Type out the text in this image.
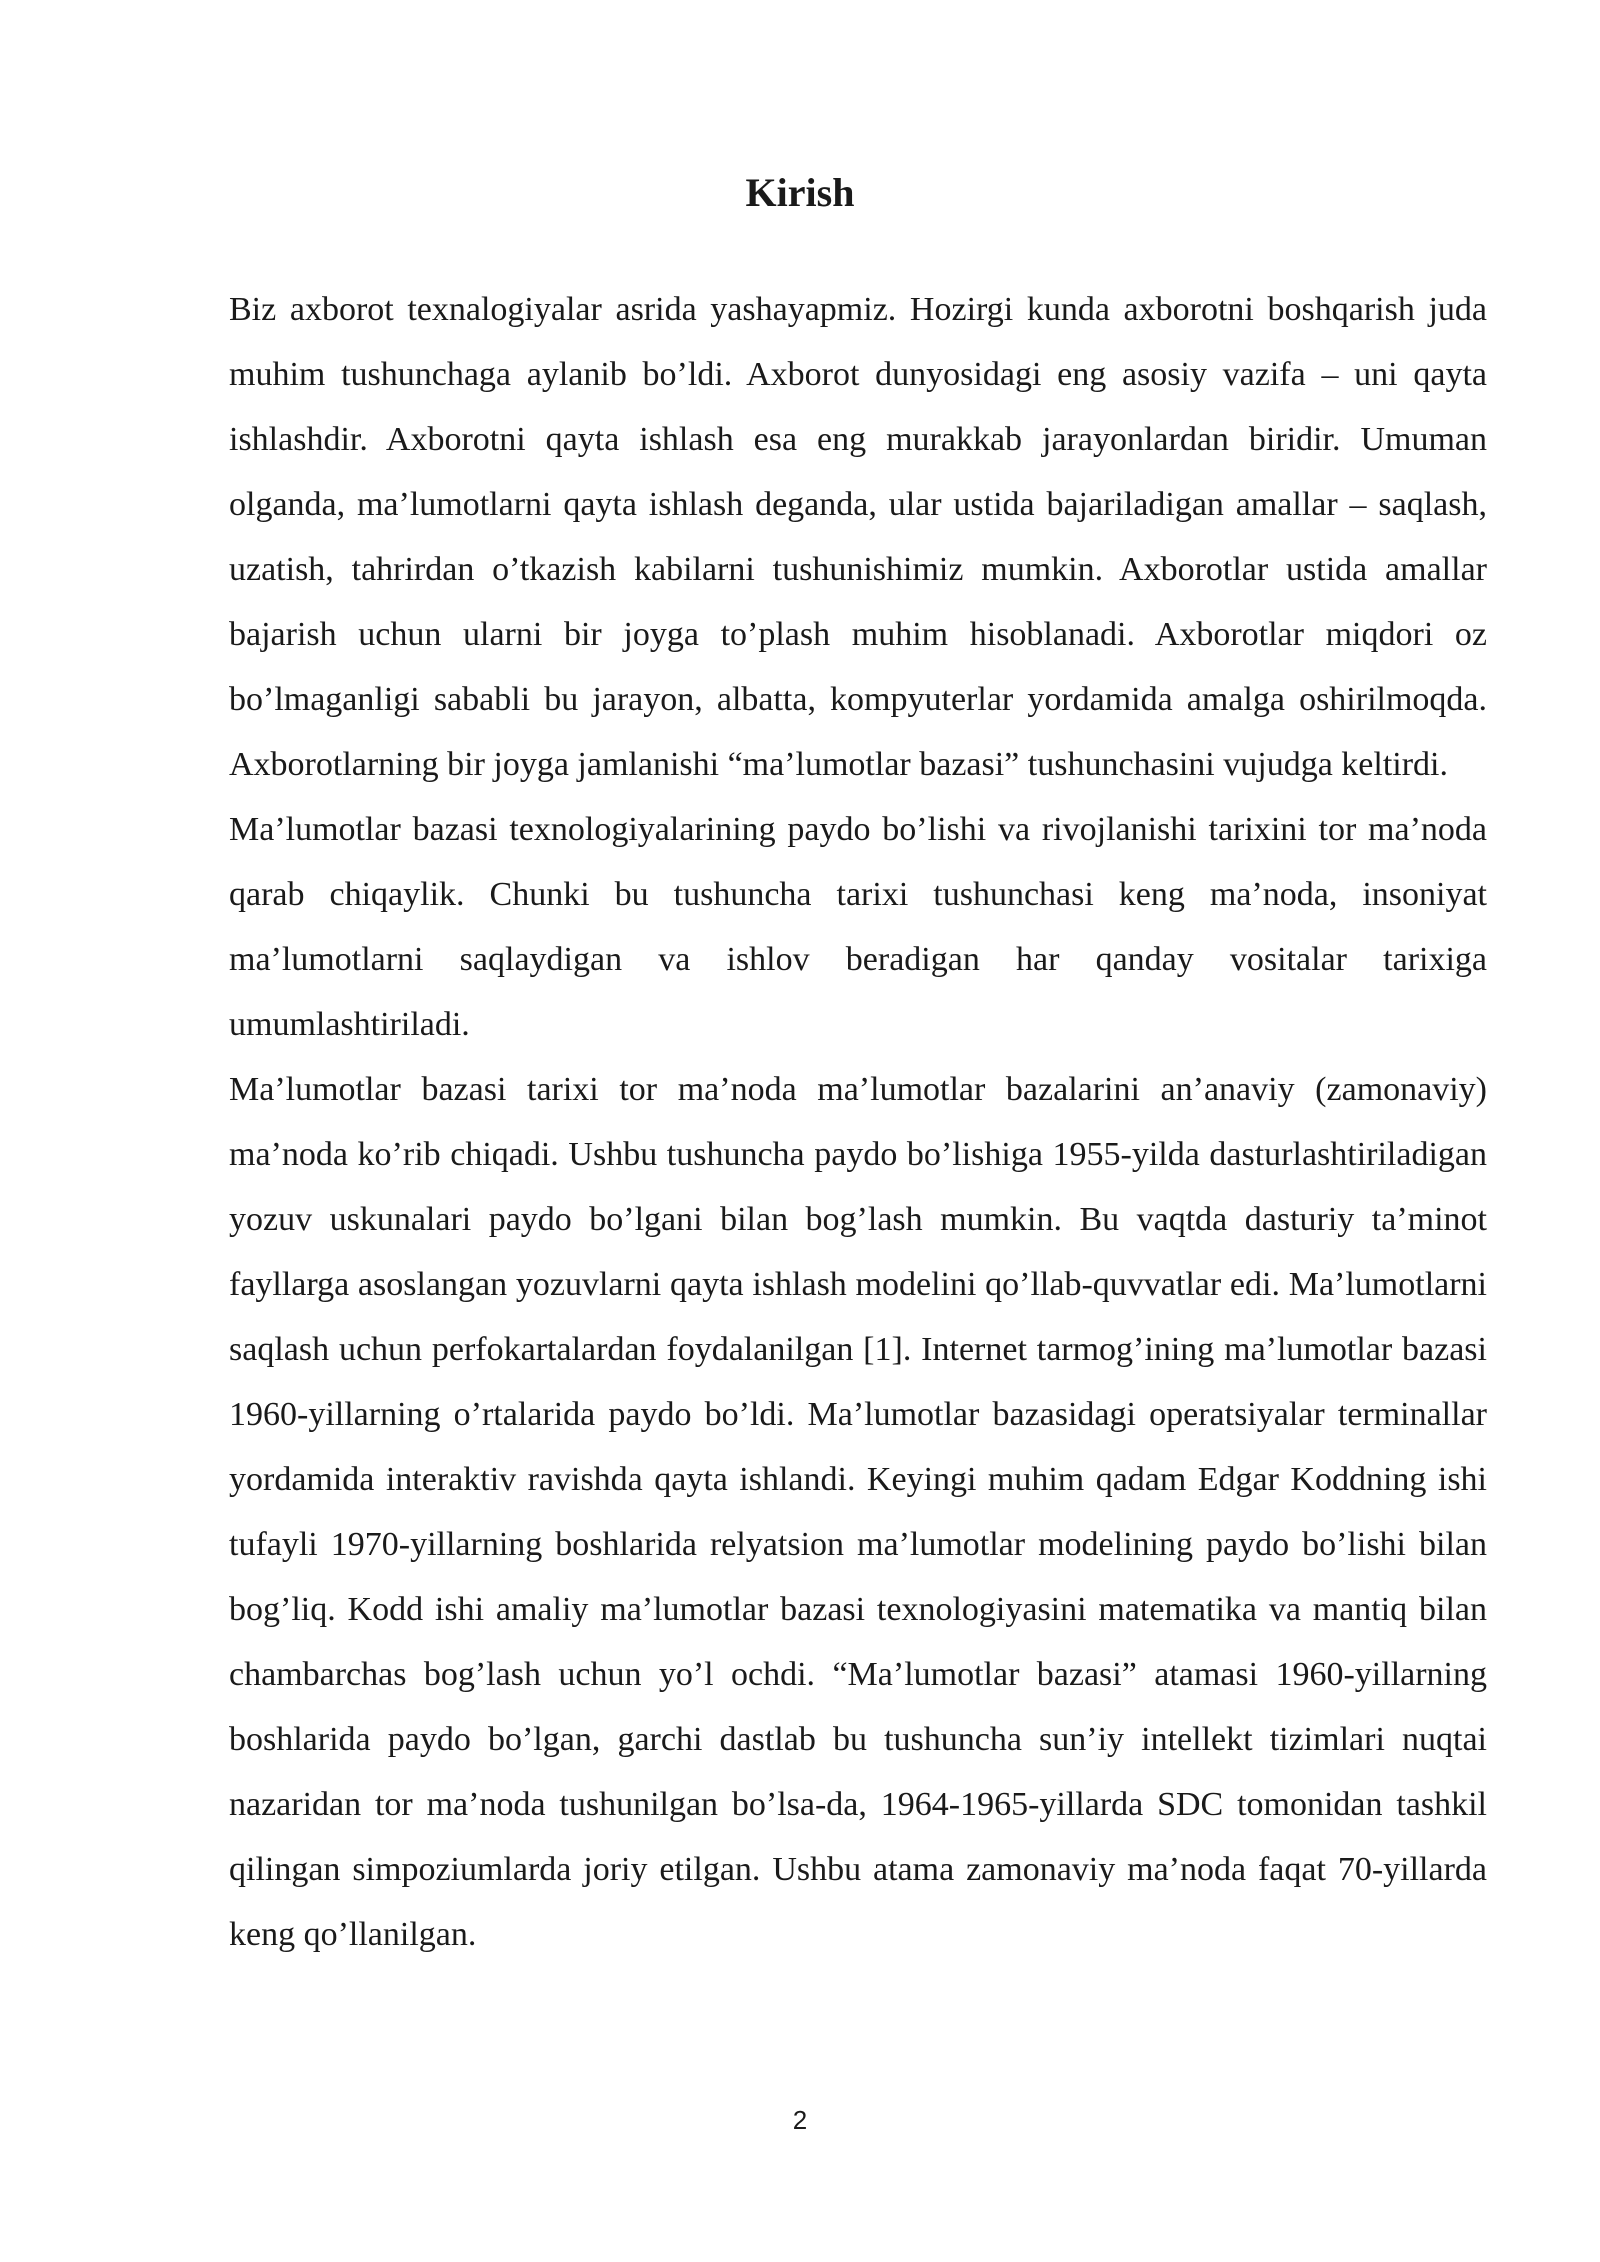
Kirish

Biz axborot texnalogiyalar asrida yashayapmiz. Hozirgi kunda axborotni boshqarish juda muhim tushunchaga aylanib bo’ldi. Axborot dunyosidagi eng asosiy vazifa – uni qayta ishlashdir. Axborotni qayta ishlash esa eng murakkab jarayonlardan biridir. Umuman olganda, ma’lumotlarni qayta ishlash deganda, ular ustida bajariladigan amallar – saqlash, uzatish, tahrirdan o’tkazish kabilarni tushunishimiz mumkin. Axborotlar ustida amallar bajarish uchun ularni bir joyga to’plash muhim hisoblanadi. Axborotlar miqdori oz bo’lmaganligi sababli bu jarayon, albatta, kompyuterlar yordamida amalga oshirilmoqda. Axborotlarning bir joyga jamlanishi “ma’lumotlar bazasi” tushunchasini vujudga keltirdi.

Ma’lumotlar bazasi texnologiyalarining paydo bo’lishi va rivojlanishi tarixini tor ma’noda qarab chiqaylik. Chunki bu tushuncha tarixi tushunchasi keng ma’noda, insoniyat ma’lumotlarni saqlaydigan va ishlov beradigan har qanday vositalar tarixiga umumlashtiriladi.

Ma’lumotlar bazasi tarixi tor ma’noda ma’lumotlar bazalarini an’anaviy (zamonaviy) ma’noda ko’rib chiqadi. Ushbu tushuncha paydo bo’lishiga 1955-yilda dasturlashtiriladigan yozuv uskunalari paydo bo’lgani bilan bog’lash mumkin. Bu vaqtda dasturiy ta’minot fayllarga asoslangan yozuvlarni qayta ishlash modelini qo’llab-quvvatlar edi. Ma’lumotlarni saqlash uchun perfokartalardan foydalanilgan [1]. Internet tarmog’ining ma’lumotlar bazasi 1960-yillarning o’rtalarida paydo bo’ldi. Ma’lumotlar bazasidagi operatsiyalar terminallar yordamida interaktiv ravishda qayta ishlandi. Keyingi muhim qadam Edgar Koddning ishi tufayli 1970-yillarning boshlarida relyatsion ma’lumotlar modelining paydo bo’lishi bilan bog’liq. Kodd ishi amaliy ma’lumotlar bazasi texnologiyasini matematika va mantiq bilan chambarchas bog’lash uchun yo’l ochdi. “Ma’lumotlar bazasi” atamasi 1960-yillarning boshlarida paydo bo’lgan, garchi dastlab bu tushuncha sun’iy intellekt tizimlari nuqtai nazaridan tor ma’noda tushunilgan bo’lsa-da, 1964-1965-yillarda SDC tomonidan tashkil qilingan simpoziumlarda joriy etilgan. Ushbu atama zamonaviy ma’noda faqat 70-yillarda keng qo’llanilgan.

2
